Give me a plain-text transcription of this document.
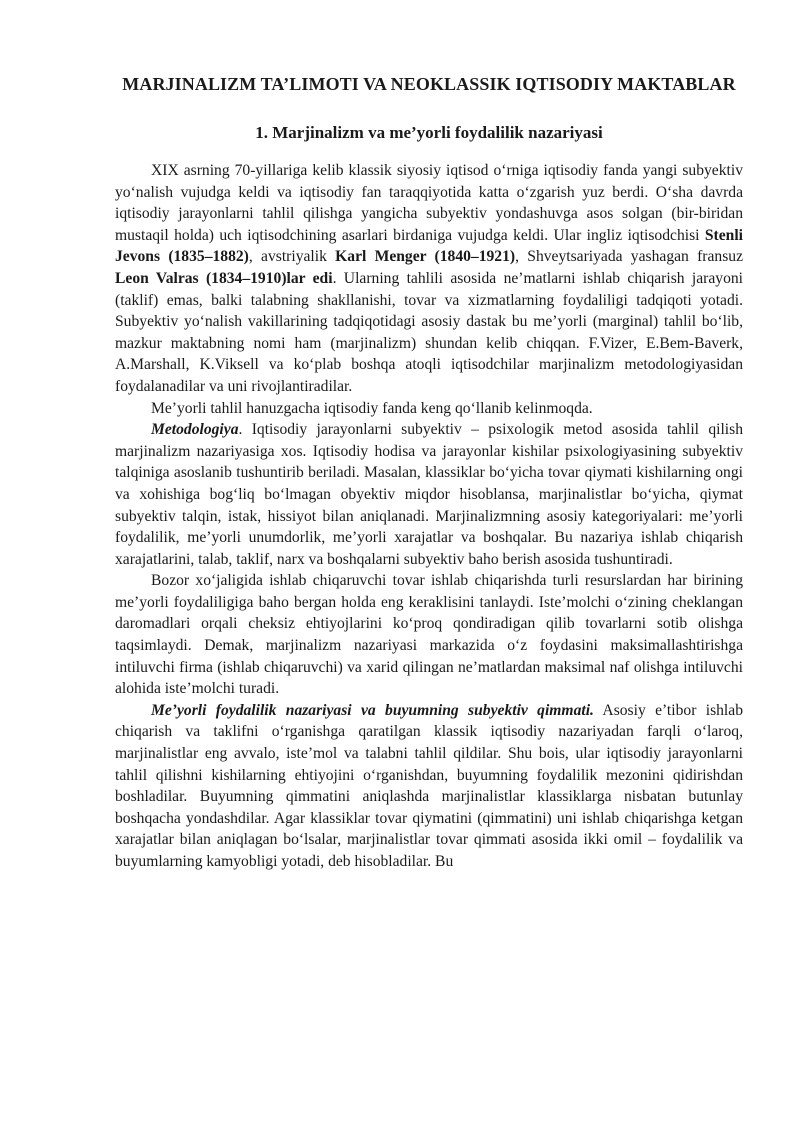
MARJINALIZM TA’LIMOTI VA NEOKLASSIK IQTISODIY MAKTABLAR
1. Marjinalizm va me’yorli foydalilik nazariyasi

XIX asrning 70-yillariga kelib klassik siyosiy iqtisod o‘rniga iqtisodiy fanda yangi subyektiv yo‘nalish vujudga keldi va iqtisodiy fan taraqqiyotida katta o‘zgarish yuz berdi. O‘sha davrda iqtisodiy jarayonlarni tahlil qilishga yangicha subyektiv yondashuvga asos solgan (bir-biridan mustaqil holda) uch iqtisodchining asarlari birdaniga vujudga keldi. Ular ingliz iqtisodchisi Stenli Jevons (1835–1882), avstriyalik Karl Menger (1840–1921), Shveytsariyada yashagan fransuz Leon Valras (1834–1910)lar edi. Ularning tahlili asosida ne’matlarni ishlab chiqarish jarayoni (taklif) emas, balki talabning shakllanishi, tovar va xizmatlarning foydaliligi tadqiqoti yotadi. Subyektiv yo‘nalish vakillarining tadqiqotidagi asosiy dastak bu me’yorli (marginal) tahlil bo‘lib, mazkur maktabning nomi ham (marjinalizm) shundan kelib chiqqan. F.Vizer, E.Bem-Baverk, A.Marshall, K.Viksell va ko‘plab boshqa atoqli iqtisodchilar marjinalizm metodologiyasidan foydalanadilar va uni rivojlantiradilar.

Me’yorli tahlil hanuzgacha iqtisodiy fanda keng qo‘llanib kelinmoqda.

Metodologiya. Iqtisodiy jarayonlarni subyektiv – psixologik metod asosida tahlil qilish marjinalizm nazariyasiga xos. Iqtisodiy hodisa va jarayonlar kishilar psixologiyasining subyektiv talqiniga asoslanib tushuntirib beriladi. Masalan, klassiklar bo‘yicha tovar qiymati kishilarning ongi va xohishiga bog‘liq bo‘lmagan obyektiv miqdor hisoblansa, marjinalistlar bo‘yicha, qiymat subyektiv talqin, istak, hissiyot bilan aniqlanadi. Marjinalizmning asosiy kategoriyalari: me’yorli foydalilik, me’yorli unumdorlik, me’yorli xarajatlar va boshqalar. Bu nazariya ishlab chiqarish xarajatlarini, talab, taklif, narx va boshqalarni subyektiv baho berish asosida tushuntiradi.

Bozor xo‘jaligida ishlab chiqaruvchi tovar ishlab chiqarishda turli resurslardan har birining me’yorli foydaliligiga baho bergan holda eng keraklisini tanlaydi. Iste’molchi o‘zining cheklangan daromadlari orqali cheksiz ehtiyojlarini ko‘proq qondiradigan qilib tovarlarni sotib olishga taqsimlaydi. Demak, marjinalizm nazariyasi markazida o‘z foydasini maksimallashtirishga intiluvchi firma (ishlab chiqaruvchi) va xarid qilingan ne’matlardan maksimal naf olishga intiluvchi alohida iste’molchi turadi.

Me’yorli foydalilik nazariyasi va buyumning subyektiv qimmati. Asosiy e’tibor ishlab chiqarish va taklifni o‘rganishga qaratilgan klassik iqtisodiy nazariyadan farqli o‘laroq, marjinalistlar eng avvalo, iste’mol va talabni tahlil qildilar. Shu bois, ular iqtisodiy jarayonlarni tahlil qilishni kishilarning ehtiyojini o‘rganishdan, buyumning foydalilik mezonini qidirishdan boshladilar. Buyumning qimmatini aniqlashda marjinalistlar klassiklarga nisbatan butunlay boshqacha yondashdilar. Agar klassiklar tovar qiymatini (qimmatini) uni ishlab chiqarishga ketgan xarajatlar bilan aniqlagan bo‘lsalar, marjinalistlar tovar qimmati asosida ikki omil – foydalilik va buyumlarning kamyobligi yotadi, deb hisobladilar. Bu
